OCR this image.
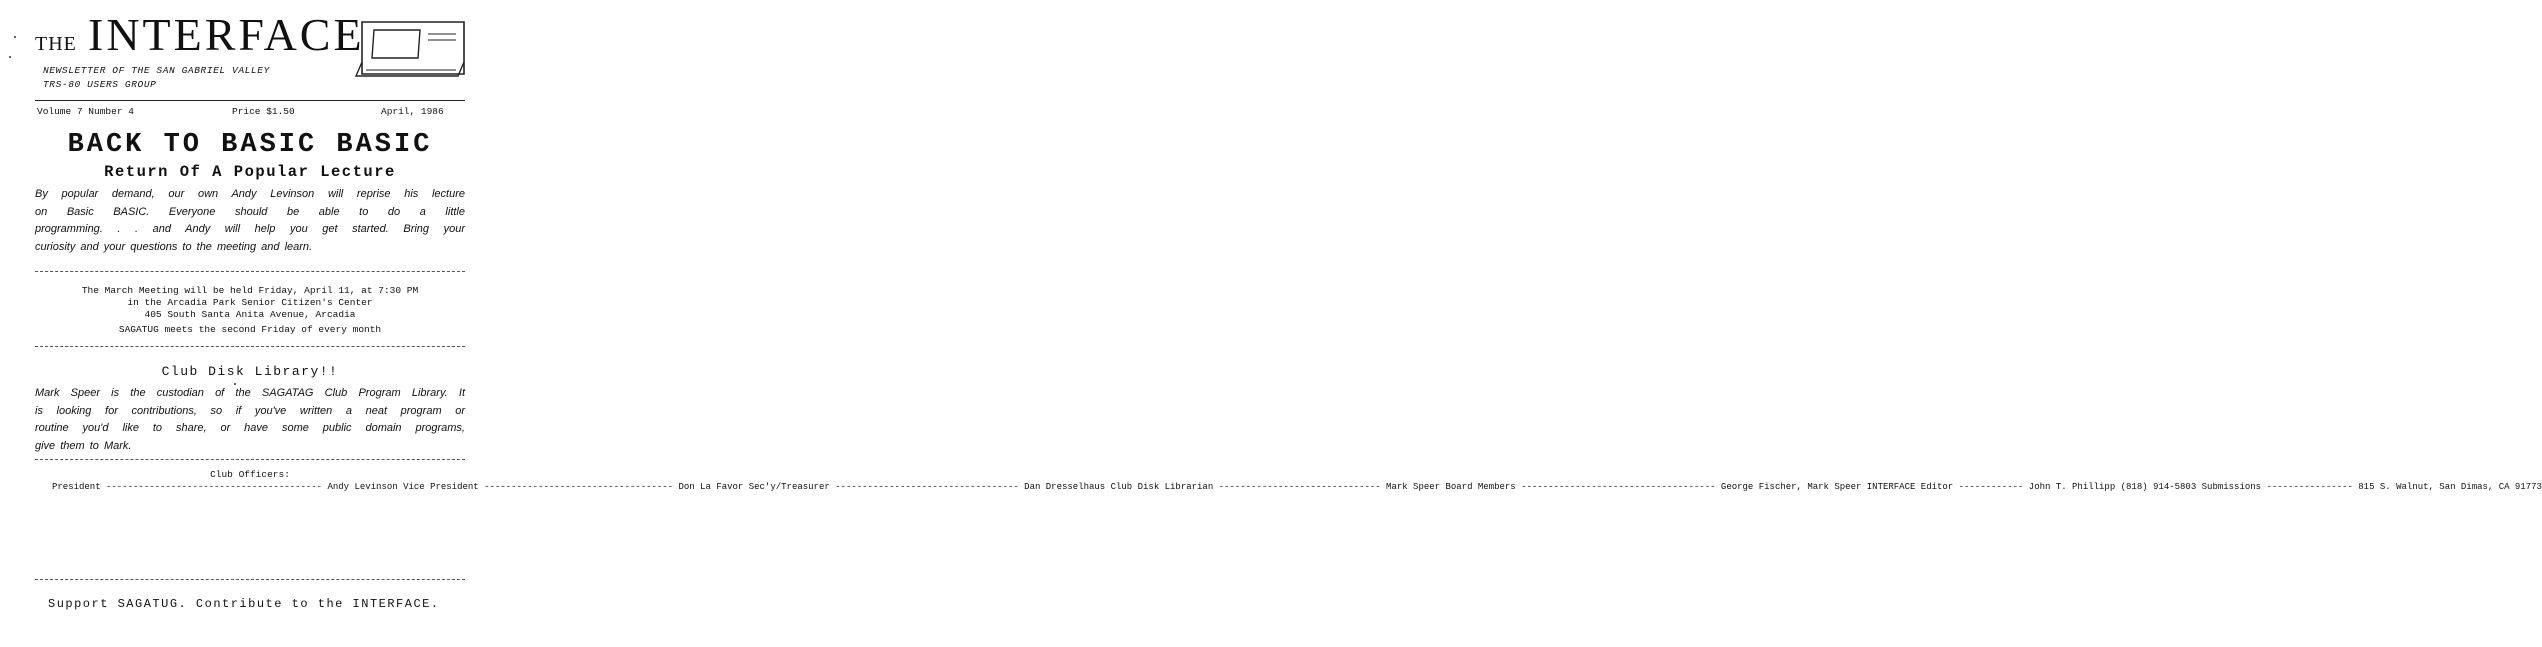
THE INTERFACE
NEWSLETTER OF THE SAN GABRIEL VALLEY
TRS-80 USERS GROUP
Volume 7 Number 4	Price $1.50	April, 1986
BACK TO BASIC BASIC
Return Of A Popular Lecture
By popular demand, our own Andy Levinson will reprise his lecture
on Basic BASIC. Everyone should be able to do a little
programming. . . and Andy will help you get started. Bring your
curiosity and your questions to the meeting and learn.
The March Meeting will be held Friday, April 11, at 7:30 PM
in the Arcadia Park Senior Citizen's Center
405 South Santa Anita Avenue, Arcadia
SAGATUG meets the second Friday of every month
Club Disk Library!!
Mark Speer is the custodian of the SAGATAG Club Program Library. It
is looking for contributions, so if you've written a neat program or
routine you'd like to share, or have some public domain programs,
give them to Mark.
Club Officers:
President ---------------------------------------- Andy Levinson Vice President ----------------------------------- Don La Favor Sec'y/Treasurer ---------------------------------- Dan Dresselhaus Club Disk Librarian ------------------------------ Mark Speer Board Members ------------------------------------ George Fischer, Mark Speer INTERFACE Editor ------------ John T. Phillipp (818) 914-5803 Submissions ---------------- 815 S. Walnut, San Dimas, CA 91773
Support SAGATUG. Contribute to the INTERFACE.
